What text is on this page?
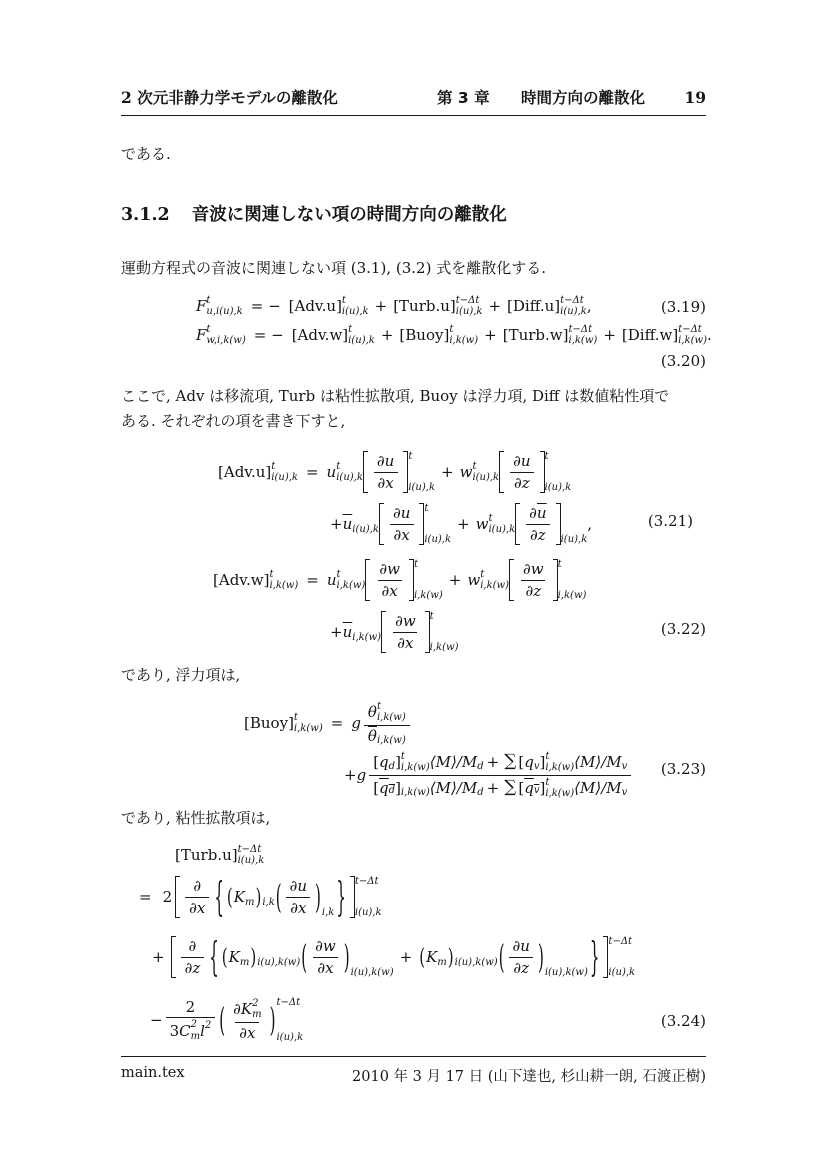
2 次元非静力学モデルの離散化	第 3 章 時間方向の離散化	19
である.
3.1.2 音波に関連しない項の時間方向の離散化
運動方程式の音波に関連しない項 (3.1), (3.2) 式を離散化する.
F t
u,i(u),k = − [ Adv.u ] t
i(u),k + [ Turb.u ] t−Δt
i(u),k + [ Diff.u ] t−Δt
i(u),k ,	(3.19)
F t
w,i,k(w) = − [ Adv.w ] t
i(u),k + [ Buoy ] t
i,k(w) + [ Turb.w ] t−Δt
i,k(w) + [ Diff.w ] t−Δt
i,k(w) .
(3.20)
ここで, Adv は移流項, Turb は粘性拡散項, Buoy は浮力項, Diff は数値粘性項で
ある. それぞれの項を書き下すと,
[ Adv.u ] t
i(u),k = u t
$i(u),k \frac{\partial u}{\partial x}$ t
i(u),k
+ w t
$i(u),k \frac{\partial u}{\partial z}$ t
i(u),k
+ $\overline{u}$ $i(u),k \frac{\partial u}{\partial x}$ t
i(u),k
+ w t
$i(u),k \frac{\partial \overline{u}}{\partial z} i(u),k$
,	(3.21)
[ Adv.w ] t
i,k(w) = u t
$i,k(w) \frac{\partial w}{\partial x}$ t
i,k(w)
+ w t
$i,k(w) \frac{\partial w}{\partial z}$ t
i,k(w)
+ $\overline{u}$ $i,k(w) \frac{\partial w}{\partial x}$ t
i,k(w)
(3.22)
であり, 浮力項は,
[ Buoy ] t
i,k(w) = g θ t
i,k(w)
$\overline{\theta}$ i,k(w)
+ g
[ q d ] t
i,k(w) ⟨M⟩/M d + ∑ [ q v ] t
i,k(w) ⟨M⟩/M v
[ qd ] i,k(w) ⟨M⟩/M d + ∑ [ qv ] t
i,k(w) ⟨M⟩/M v
(3.23)
であり, 粘性拡散項は,
[ Turb.u ] t−Δt
i(u),k
= $2 \frac{\partial}{\partial x}$ { ( K m ) i,k ( $\frac{\partial u}{\partial x}$ ) i,k } t−Δt
i(u),k
+	$\frac{\partial}{\partial z}$ { ( K m ) i(u),k(w) ( $\frac{\partial w}{\partial x}$ ) i(u),k(w)
+ ( K m ) i(u),k(w) ( $\frac{\partial u}{\partial z}$ ) i(u),k(w) } t−Δt
i(u),k
− 2
3 C 2
m l 2 ( ∂ K 2
m
∂x ) t−Δt
i(u),k
(3.24)
main.tex	2010 年 3 月 17 日 (山下達也, 杉山耕一朗, 石渡正樹)
